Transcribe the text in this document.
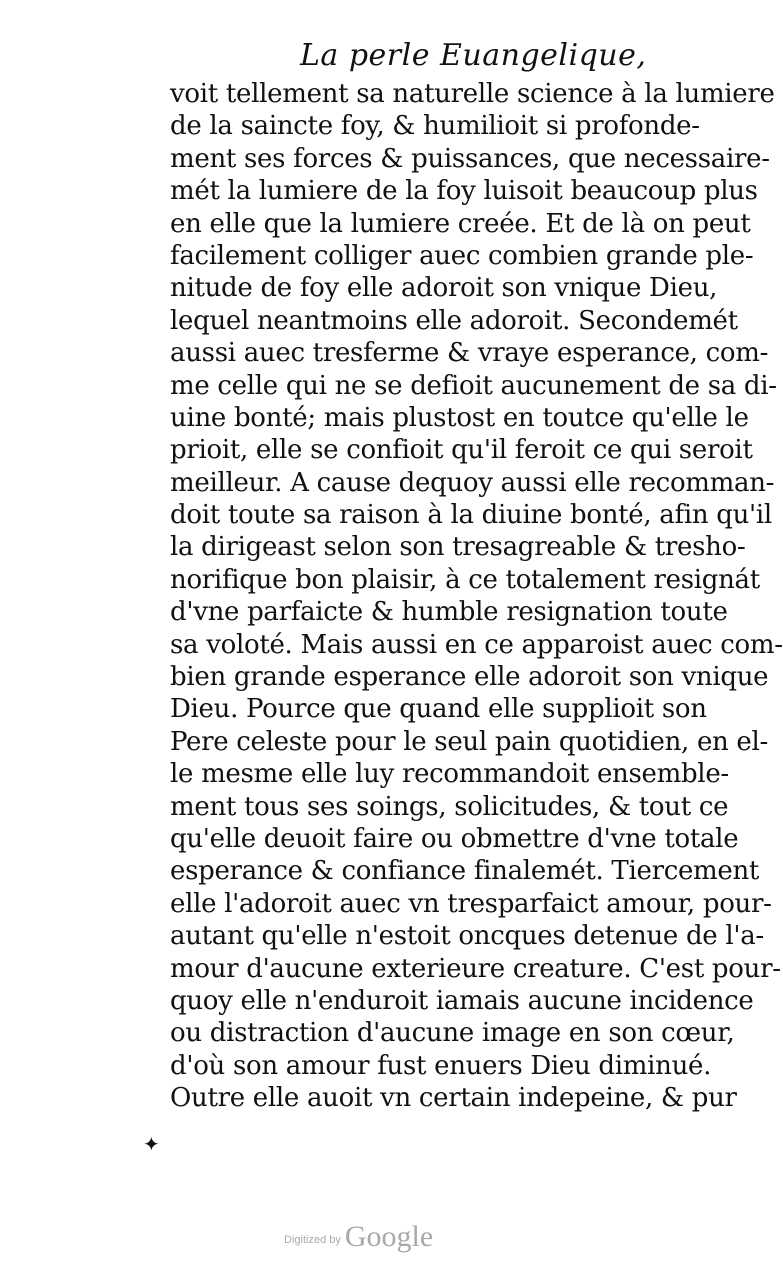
La perle Euangelique,
voit tellement sa naturelle science à la lumiere
de la saincte foy, & humilioit si profonde-
ment ses forces & puissances, que necessaire-
mét la lumiere de la foy luisoit beaucoup plus
en elle que la lumiere creée. Et de là on peut
facilement colliger auec combien grande ple-
nitude de foy elle adoroit son vnique Dieu,
lequel neantmoins elle adoroit. Secondemét
aussi auec tresferme & vraye esperance, com-
me celle qui ne se defioit aucunement de sa di-
uine bonté; mais plustost en toutce qu'elle le
prioit, elle se confioit qu'il feroit ce qui seroit
meilleur. A cause dequoy aussi elle recomman-
doit toute sa raison à la diuine bonté, afin qu'il
la dirigeast selon son tresagreable & tresho-
norifique bon plaisir, à ce totalement resignát
d'vne parfaicte & humble resignation toute
sa voloté. Mais aussi en ce apparoist auec com-
bien grande esperance elle adoroit son vnique
Dieu. Pource que quand elle supplioit son
Pere celeste pour le seul pain quotidien, en el-
le mesme elle luy recommandoit ensemble-
ment tous ses soings, solicitudes, & tout ce
qu'elle deuoit faire ou obmettre d'vne totale
esperance & confiance finalemét. Tiercement
elle l'adoroit auec vn tresparfaict amour, pour-
autant qu'elle n'estoit oncques detenue de l'a-
mour d'aucune exterieure creature. C'est pour-
quoy elle n'enduroit iamais aucune incidence
ou distraction d'aucune image en son cœur,
d'où son amour fust enuers Dieu diminué.
Outre elle auoit vn certain indepeine, & pur
✦
Digitized by Google
